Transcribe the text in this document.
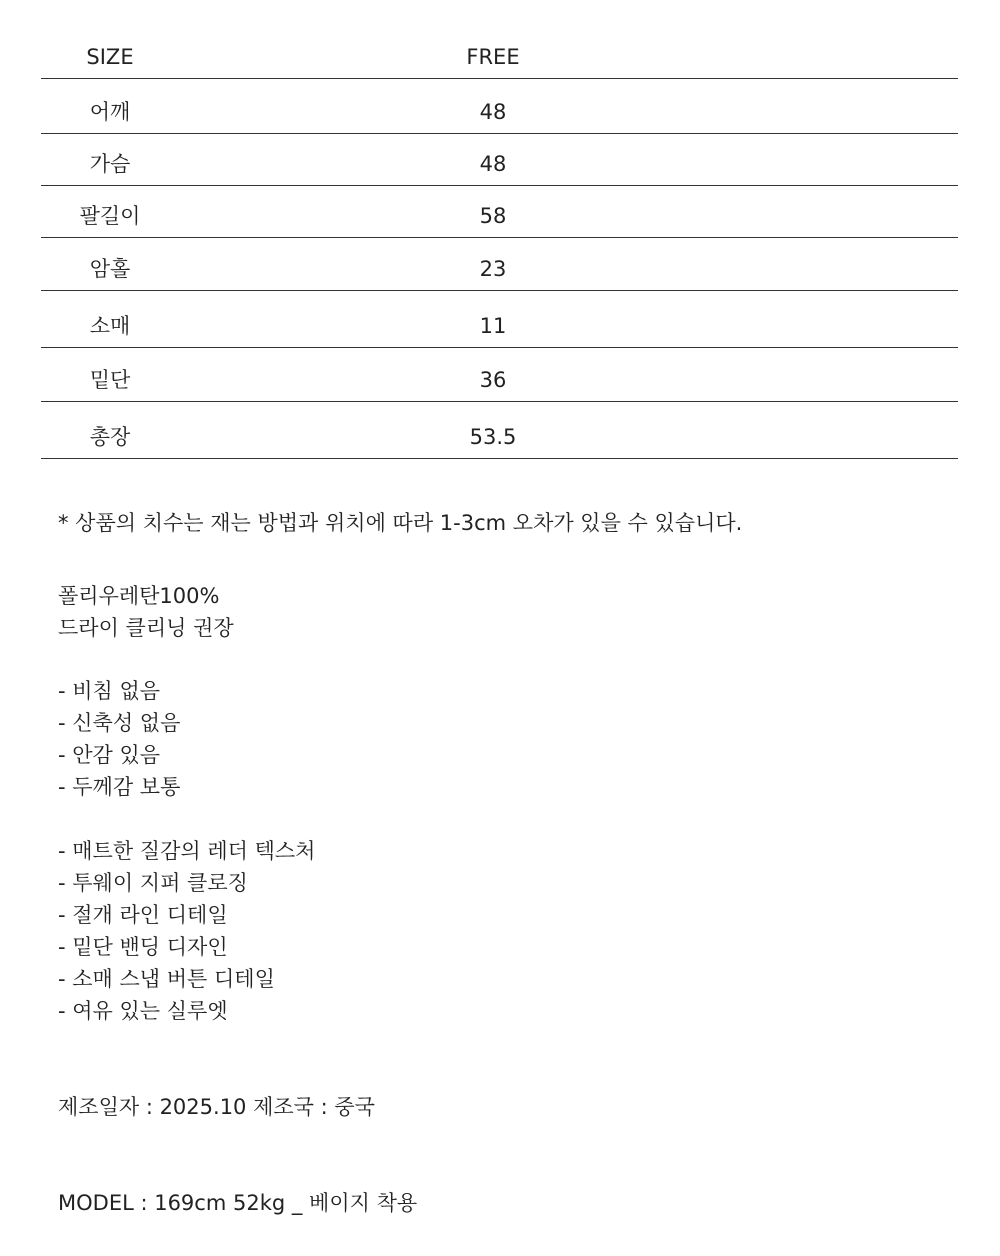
SIZE	FREE
어깨	48
가슴	48
팔길이	58
암홀	23
소매	11
밑단	36
총장	53.5
* 상품의 치수는 재는 방법과 위치에 따라 1-3cm 오차가 있을 수 있습니다.
폴리우레탄100%
드라이 클리닝 권장
- 비침 없음
- 신축성 없음
- 안감 있음
- 두께감 보통
- 매트한 질감의 레더 텍스처
- 투웨이 지퍼 클로징
- 절개 라인 디테일
- 밑단 밴딩 디자인
- 소매 스냅 버튼 디테일
- 여유 있는 실루엣
제조일자 : 2025.10 제조국 : 중국
MODEL : 169cm 52kg _ 베이지 착용
